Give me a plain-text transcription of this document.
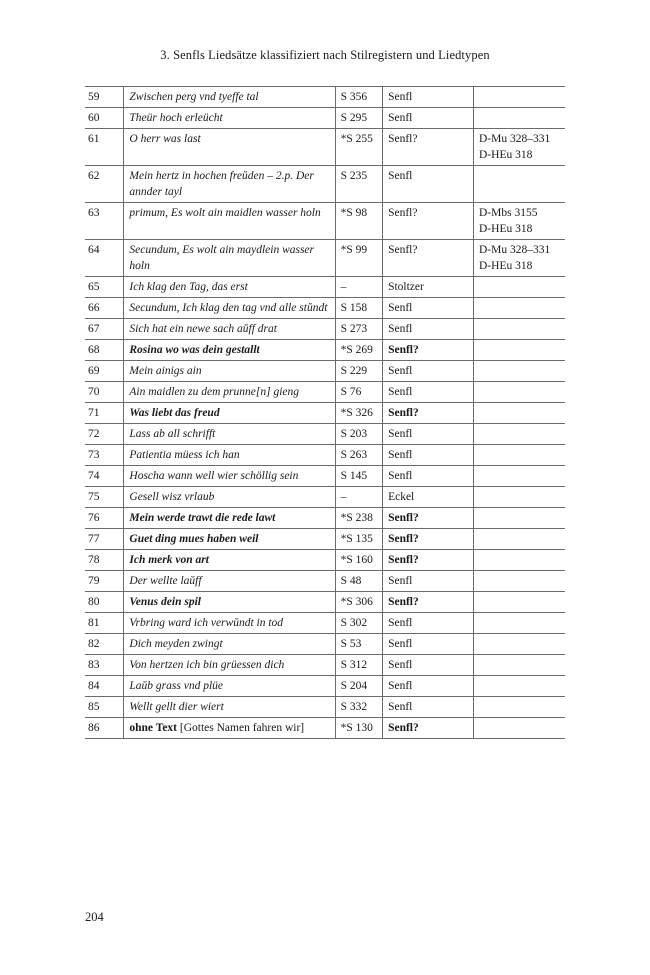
3. Senfls Liedsätze klassifiziert nach Stilregistern und Liedtypen
59	Zwischen perg vnd tyeffe tal	S 356	Senfl	
60	Theür hoch erleücht	S 295	Senfl	
61	O herr was last	*S 255	Senfl?	D-Mu 328–331
D-HEu 318

62	Mein hertz in hochen freŭden – 2.p. Der annder tayl	S 235	Senfl	
63	primum, Es wolt ain maidlen wasser holn	*S 98	Senfl?	D-Mbs 3155
D-HEu 318

64	Secundum, Es wolt ain maydlein wasser holn	*S 99	Senfl?	D-Mu 328–331
D-HEu 318

65	Ich klag den Tag, das erst	–	Stoltzer	
66	Secundum, Ich klag den tag vnd alle stŭndt	S 158	Senfl	
67	Sich hat ein newe sach aŭff drat	S 273	Senfl	
68	Rosina wo was dein gestallt	*S 269	Senfl?	
69	Mein ainigs ain	S 229	Senfl	
70	Ain maidlen zu dem prunne[n] gieng	S 76	Senfl	
71	Was liebt das freud	*S 326	Senfl?	
72	Lass ab all schrifft	S 203	Senfl	
73	Patientia müess ich han	S 263	Senfl	
74	Hoscha wann well wier schöllig sein	S 145	Senfl	
75	Gesell wisz vrlaub	–	Eckel	
76	Mein werde trawt die rede lawt	*S 238	Senfl?	
77	Guet ding mues haben weil	*S 135	Senfl?	
78	Ich merk von art	*S 160	Senfl?	
79	Der wellte laŭff	S 48	Senfl	
80	Venus dein spil	*S 306	Senfl?	
81	Vrbring ward ich verwŭndt in tod	S 302	Senfl	
82	Dich meyden zwingt	S 53	Senfl	
83	Von hertzen ich bin grüessen dich	S 312	Senfl	
84	Laŭb grass vnd plüe	S 204	Senfl	
85	Wellt gellt dier wiert	S 332	Senfl	
86	ohne Text [Gottes Namen fahren wir]	*S 130	Senfl?	
204
